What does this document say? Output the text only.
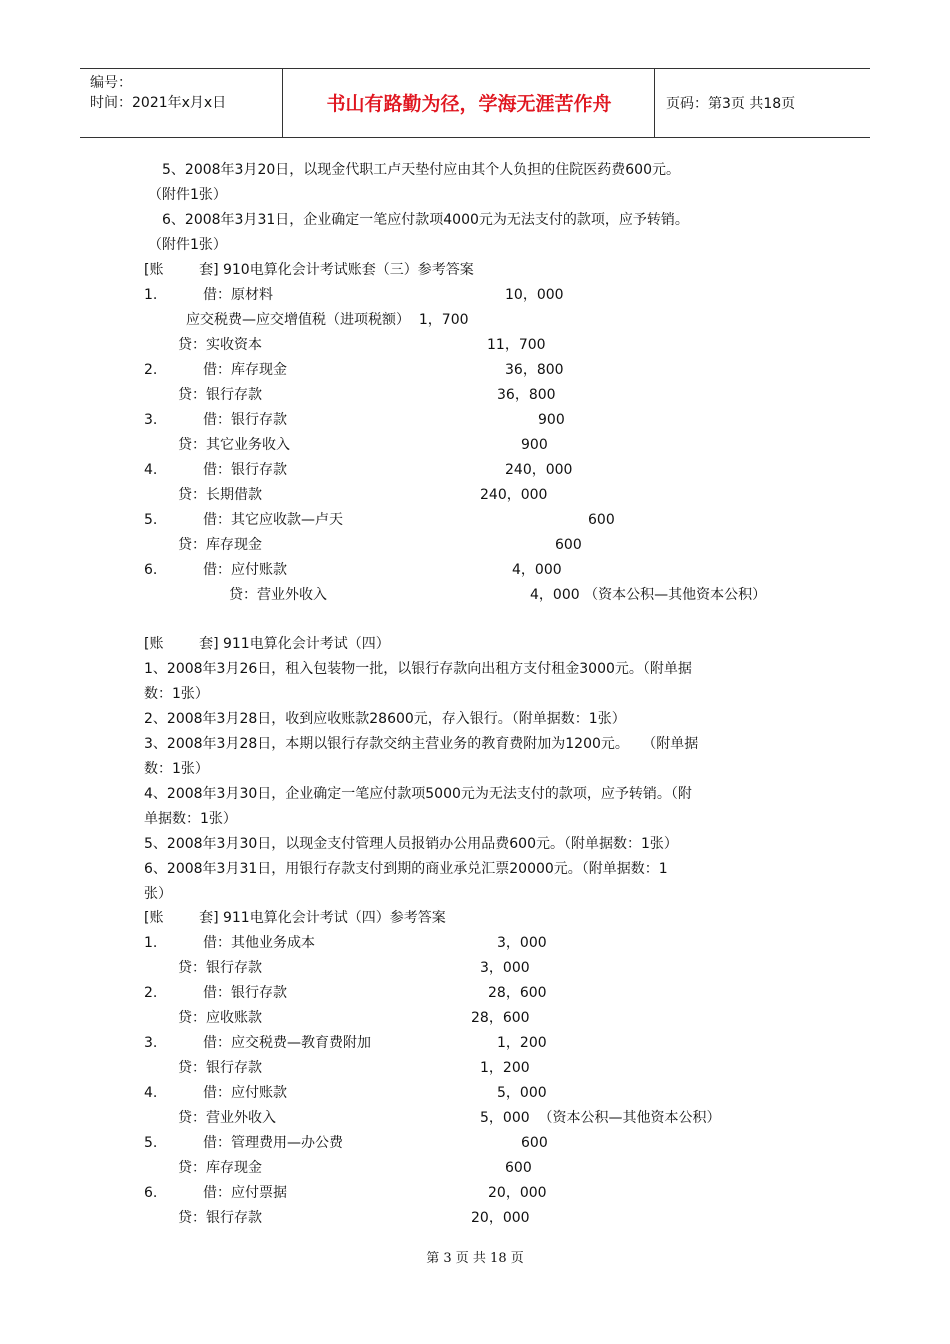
编号：
时间：2021年x月x日	书山有路勤为径，学海无涯苦作舟	页码：第3页 共18页
5、2008年3月20日，以现金代职工卢天垫付应由其个人负担的住院医药费600元。
（附件1张）
6、2008年3月31日，企业确定一笔应付款项4000元为无法支付的款项，应予转销。
（附件1张）
[账        套] 910电算化会计考试账套（三）参考答案
1.	借：原材料	10，000
应交税费—应交增值税（进项税额）  1，700
贷：实收资本	11，700
2.	借：库存现金	36，800
贷：银行存款	36，800
3.	借：银行存款	900
贷：其它业务收入	900
4.	借：银行存款	240，000
贷：长期借款	240，000
5.	借：其它应收款—卢天	600
贷：库存现金	600
6.	借：应付账款	4，000
贷：营业外收入	4，000 （资本公积—其他资本公积）
[账        套] 911电算化会计考试（四）
1、2008年3月26日，租入包装物一批，以银行存款向出租方支付租金3000元。（附单据
数：1张）
2、2008年3月28日，收到应收账款28600元，存入银行。（附单据数：1张）
3、2008年3月28日，本期以银行存款交纳主营业务的教育费附加为1200元。   （附单据
数：1张）
4、2008年3月30日，企业确定一笔应付款项5000元为无法支付的款项，应予转销。（附
单据数：1张）
5、2008年3月30日，以现金支付管理人员报销办公用品费600元。（附单据数：1张）
6、2008年3月31日，用银行存款支付到期的商业承兑汇票20000元。（附单据数：1
张）
[账        套] 911电算化会计考试（四）参考答案
1.	借：其他业务成本	3，000
贷：银行存款	3，000
2.	借：银行存款	28，600
贷：应收账款	28，600
3.	借：应交税费—教育费附加	1，200
贷：银行存款	1，200
4.	借：应付账款	5，000
贷：营业外收入	5，000  （资本公积—其他资本公积）
5.	借：管理费用—办公费	600
贷：库存现金	600
6.	借：应付票据	20，000
贷：银行存款	20，000
第 3 页 共 18 页
